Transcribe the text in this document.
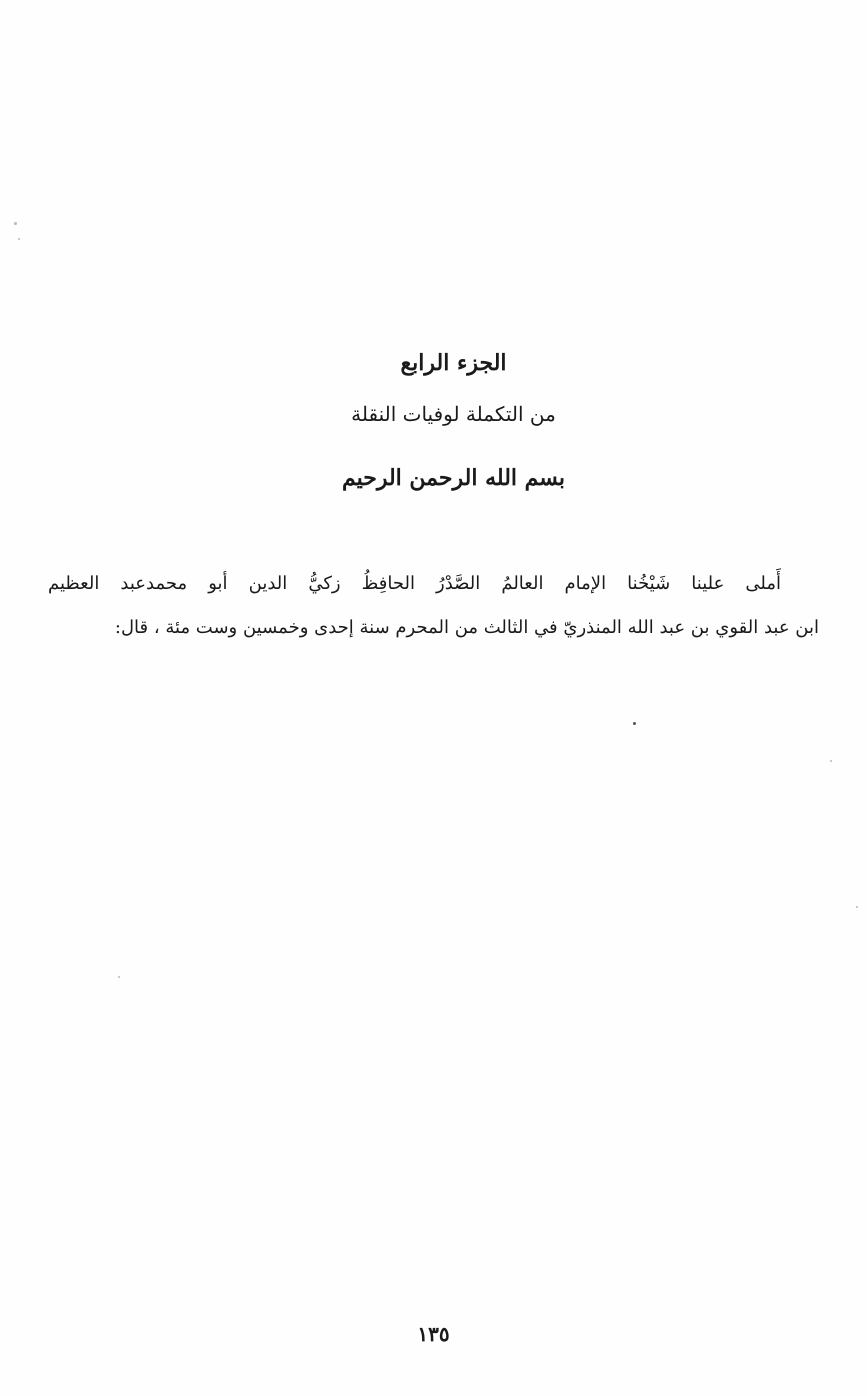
الجزء الرابع
من التكملة لوفيات النقلة
بسم الله الرحمن الرحيم
أَملى علينا شَيْخُنا الإمام العالمُ الصَّدْرُ الحافِظُ زكيُّ الدين أبو محمدعبد العظيم
ابن عبد القوي بن عبد الله المنذريّ في الثالث من المحرم سنة إحدى وخمسين وست مئة ، قال:
١٣٥
